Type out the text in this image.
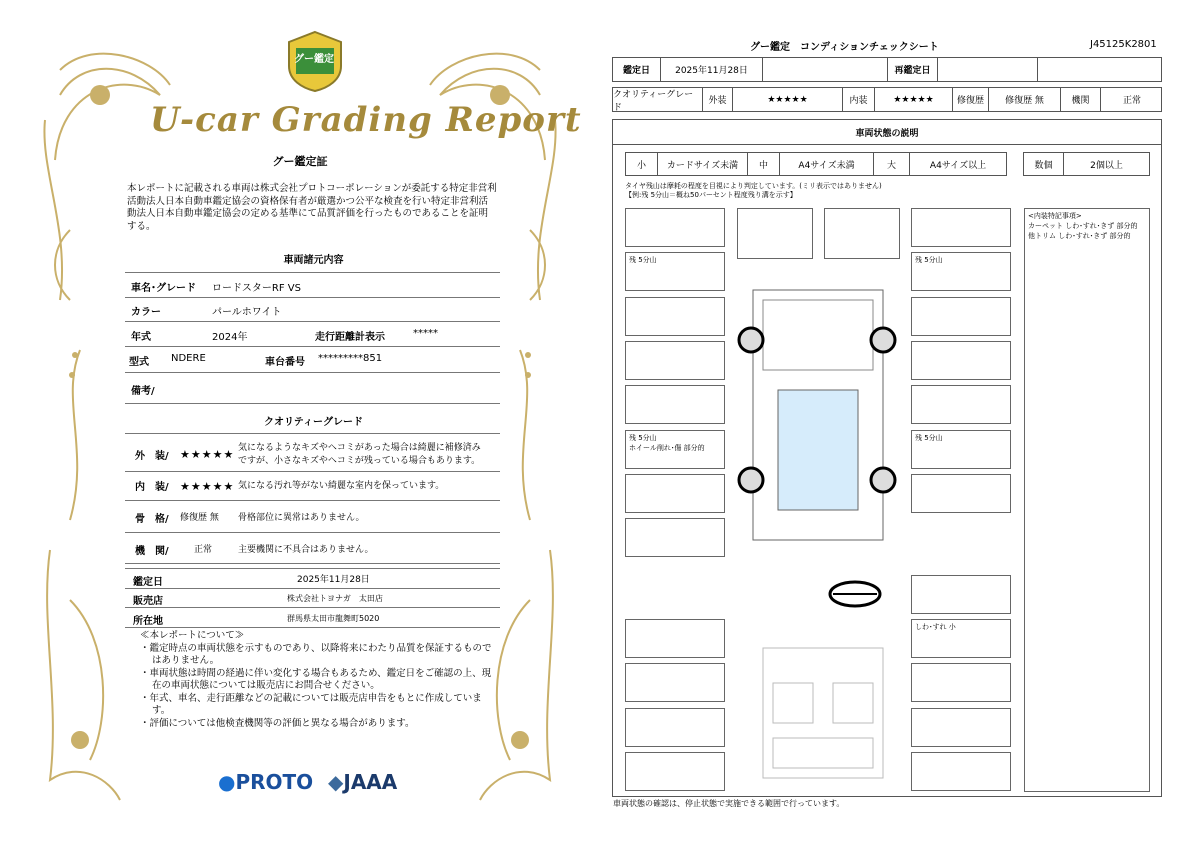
グー鑑定
U-car Grading Report
グー鑑定証
本レポートに記載される車両は株式会社プロトコーポレーションが委託する特定非営利活動法人日本自動車鑑定協会の資格保有者が厳選かつ公平な検査を行い特定非営利活動法人日本自動車鑑定協会の定める基準にて品質評価を行ったものであることを証明する。
車両諸元内容
車名･グレード ロードスターRF VS
カラー	パールホワイト
年式	2024年	走行距離計表示	*****
型式 NDERE	車台番号 *********851
備考/
クオリティーグレード
外　装/ ★★★★★ 気になるようなキズやヘコミがあった場合は綺麗に補修済み
ですが、小さなキズやヘコミが残っている場合もあります。
内　装/ ★★★★★ 気になる汚れ等がない綺麗な室内を保っています。
骨　格/ 修復歴 無 骨格部位に異常はありません。
機　関/	正常	主要機関に不具合はありません。
鑑定日	2025年11月28日
販売店	株式会社トヨナガ　太田店
所在地	群馬県太田市龍舞町5020
≪本レポートについて≫
・鑑定時点の車両状態を示すものであり、以降将来にわたり品質を保証するものではありません。
・車両状態は時間の経過に伴い変化する場合もあるため、鑑定日をご確認の上、現在の車両状態については販売店にお問合せください。
・年式、車名、走行距離などの記載については販売店申告をもとに作成しています。
・評価については他検査機関等の評価と異なる場合があります。
●PROTO ◆JAAA
グー鑑定　コンディションチェックシート	J45125K2801
鑑定日	2025年11月28日	再鑑定日
クオリティーグレード
外装	★★★★★	内装	★★★★★	修復歴	修復歴 無	機関	正常
車両状態の説明
小	カードサイズ未満	中	A4サイズ未満	大	A4サイズ以上	数個	2個以上
タイヤ残山は摩耗の程度を目視により判定しています。(ミリ表示ではありません)
【例:残 5分山＝概ね50パーセント程度残り溝を示す】
残 5分山	残 5分山
残 5分山
ホイール削れ･傷 部分的
残 5分山
しわ･すれ 小
<内装特記事項>
カーペット しわ･すれ･きず 部分的
他トリム しわ･すれ･きず 部分的
車両状態の確認は、停止状態で実施できる範囲で行っています。
